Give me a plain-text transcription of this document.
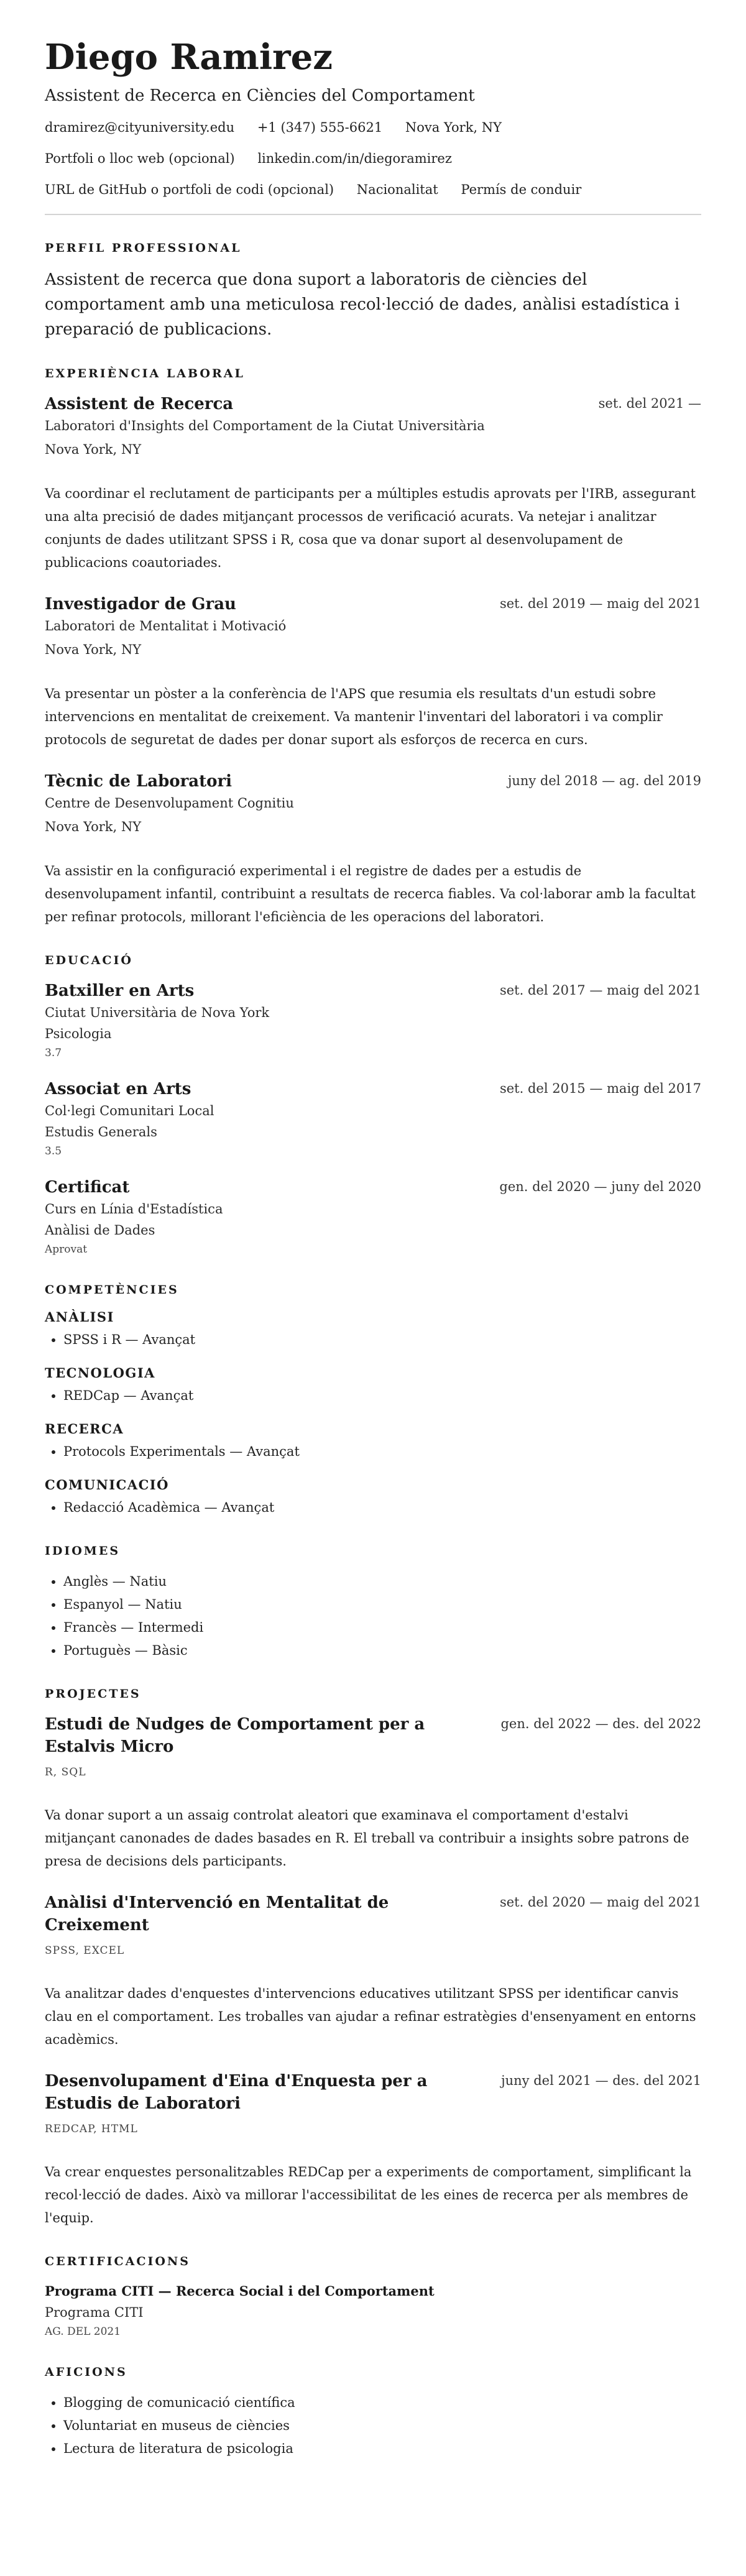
Diego Ramirez
Assistent de Recerca en Ciències del Comportament
dramirez@cityuniversity.edu +1 (347) 555-6621 Nova York, NY
Portfoli o lloc web (opcional) linkedin.com/in/diegoramirez
URL de GitHub o portfoli de codi (opcional) Nacionalitat Permís de conduir
PERFIL PROFESSIONAL

Assistent de recerca que dona suport a laboratoris de ciències del comportament amb una meticulosa recol·lecció de dades, anàlisi estadística i preparació de publicacions.

EXPERIÈNCIA LABORAL
Assistent de Recerca	set. del 2021 —
Laboratori d'Insights del Comportament de la Ciutat Universitària
Nova York, NY

Va coordinar el reclutament de participants per a múltiples estudis aprovats per l'IRB, assegurant una alta precisió de dades mitjançant processos de verificació acurats. Va netejar i analitzar conjunts de dades utilitzant SPSS i R, cosa que va donar suport al desenvolupament de publicacions coautoriades.

Investigador de Grau	set. del 2019 — maig del 2021
Laboratori de Mentalitat i Motivació
Nova York, NY

Va presentar un pòster a la conferència de l'APS que resumia els resultats d'un estudi sobre intervencions en mentalitat de creixement. Va mantenir l'inventari del laboratori i va complir protocols de seguretat de dades per donar suport als esforços de recerca en curs.

Tècnic de Laboratori	juny del 2018 — ag. del 2019
Centre de Desenvolupament Cognitiu
Nova York, NY

Va assistir en la configuració experimental i el registre de dades per a estudis de desenvolupament infantil, contribuint a resultats de recerca fiables. Va col·laborar amb la facultat per refinar protocols, millorant l'eficiència de les operacions del laboratori.

EDUCACIÓ
Batxiller en Arts	set. del 2017 — maig del 2021
Ciutat Universitària de Nova York
Psicologia
3.7
Associat en Arts	set. del 2015 — maig del 2017
Col·legi Comunitari Local
Estudis Generals
3.5
Certificat	gen. del 2020 — juny del 2020
Curs en Línia d'Estadística
Anàlisi de Dades
Aprovat
COMPETÈNCIES
ANÀLISI
• SPSS i R — Avançat
TECNOLOGIA
• REDCap — Avançat
RECERCA
• Protocols Experimentals — Avançat
COMUNICACIÓ
• Redacció Acadèmica — Avançat
IDIOMES
• Anglès — Natiu
• Espanyol — Natiu
• Francès — Intermedi
• Portuguès — Bàsic
PROJECTES
Estudi de Nudges de Comportament per a Estalvis Micro
gen. del 2022 — des. del 2022
R, SQL

Va donar suport a un assaig controlat aleatori que examinava el comportament d'estalvi mitjançant canonades de dades basades en R. El treball va contribuir a insights sobre patrons de presa de decisions dels participants.

Anàlisi d'Intervenció en Mentalitat de Creixement
set. del 2020 — maig del 2021
SPSS, EXCEL

Va analitzar dades d'enquestes d'intervencions educatives utilitzant SPSS per identificar canvis clau en el comportament. Les troballes van ajudar a refinar estratègies d'ensenyament en entorns acadèmics.

Desenvolupament d'Eina d'Enquesta per a Estudis de Laboratori
juny del 2021 — des. del 2021
REDCAP, HTML

Va crear enquestes personalitzables REDCap per a experiments de comportament, simplificant la recol·lecció de dades. Això va millorar l'accessibilitat de les eines de recerca per als membres de l'equip.

CERTIFICACIONS
Programa CITI — Recerca Social i del Comportament
Programa CITI
AG. DEL 2021
AFICIONS
• Blogging de comunicació científica
• Voluntariat en museus de ciències
• Lectura de literatura de psicologia
